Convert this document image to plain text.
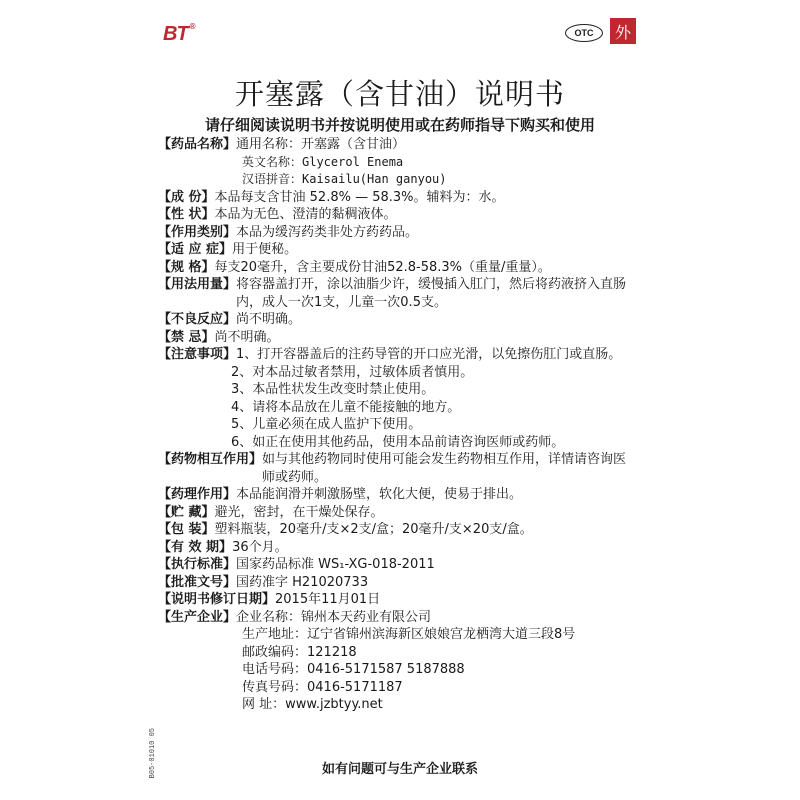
BT ®
OTC	外
开塞露（含甘油）说明书
请仔细阅读说明书并按说明使用或在药师指导下购买和使用
【药品名称】 通用名称：开塞露（含甘油）
英文名称：Glycerol Enema
汉语拼音：Kaisailu(Han ganyou)
【成 份】 本品每支含甘油 52.8% — 58.3%。辅料为：水。
【性 状】 本品为无色、澄清的黏稠液体。
【作用类别】 本品为缓泻药类非处方药药品。
【适 应 症】 用于便秘。
【规 格】 每支20毫升，含主要成份甘油52.8-58.3%（重量/重量）。
【用法用量】 将容器盖打开，涂以油脂少许，缓慢插入肛门，然后将药液挤入直肠内，成人一次1支，儿童一次0.5支。
【不良反应】 尚不明确。
【禁 忌】 尚不明确。
【注意事项】 1、打开容器盖后的注药导管的开口应光滑，以免擦伤肛门或直肠。
2、对本品过敏者禁用，过敏体质者慎用。
3、本品性状发生改变时禁止使用。
4、请将本品放在儿童不能接触的地方。
5、儿童必须在成人监护下使用。
6、如正在使用其他药品，使用本品前请咨询医师或药师。
【药物相互作用】 如与其他药物同时使用可能会发生药物相互作用，详情请咨询医师或药师。
【药理作用】 本品能润滑并刺激肠壁，软化大便，使易于排出。
【贮 藏】 避光，密封，在干燥处保存。
【包 装】 塑料瓶装，20毫升/支×2支/盒；20毫升/支×20支/盒。
【有 效 期】 36个月。
【执行标准】 国家药品标准 WS₁-XG-018-2011
【批准文号】 国药准字 H21020733
【说明书修订日期】 2015年11月01日
【生产企业】 企业名称：锦州本天药业有限公司
生产地址：辽宁省锦州滨海新区娘娘宫龙栖湾大道三段8号
邮政编码：121218
电话号码：0416-5171587 5187888
传真号码：0416-5171187
网 址：www.jzbtyy.net
B05-01010 05	如有问题可与生产企业联系
